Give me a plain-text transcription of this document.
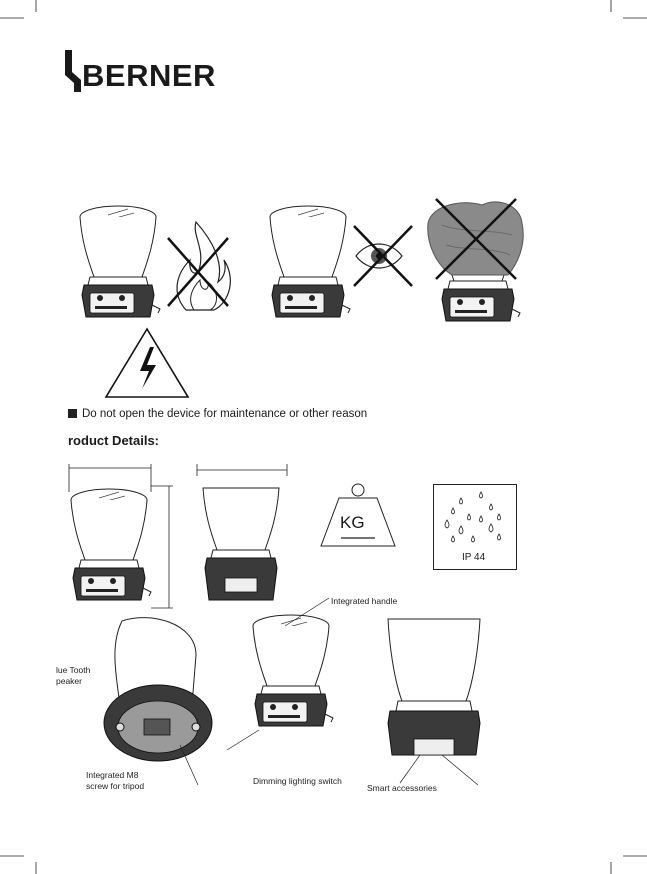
BERNER
Do not open the device for maintenance or other reason
roduct Details:
KG
IP 44
Integrated handle
lue Tooth
peaker
Integrated M8
screw for tripod	Dimming lighting switch
Smart accessories
